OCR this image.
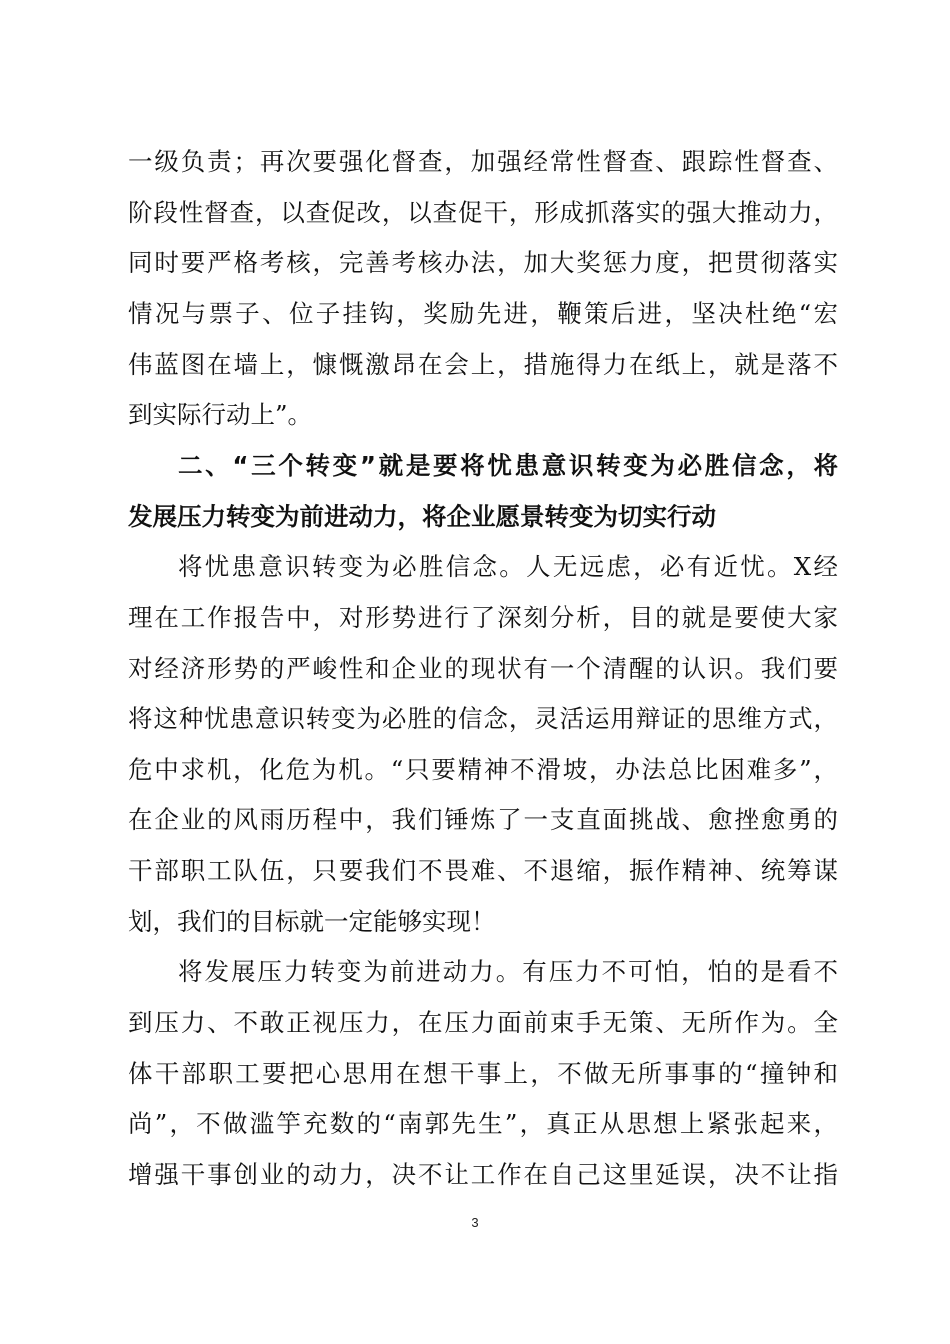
一级负责；再次要强化督查，加强经常性督查、跟踪性督查、
阶段性督查，以查促改，以查促干，形成抓落实的强大推动力，
同时要严格考核，完善考核办法，加大奖惩力度，把贯彻落实
情况与票子、位子挂钩，奖励先进，鞭策后进，坚决杜绝“宏
伟蓝图在墙上，慷慨激昂在会上，措施得力在纸上，就是落不
到实际行动上”。
二、“三个转变”就是要将忧患意识转变为必胜信念，将
发展压力转变为前进动力，将企业愿景转变为切实行动
将忧患意识转变为必胜信念。人无远虑，必有近忧。X经
理在工作报告中，对形势进行了深刻分析，目的就是要使大家
对经济形势的严峻性和企业的现状有一个清醒的认识。我们要
将这种忧患意识转变为必胜的信念，灵活运用辩证的思维方式，
危中求机，化危为机。“只要精神不滑坡，办法总比困难多”，
在企业的风雨历程中，我们锤炼了一支直面挑战、愈挫愈勇的
干部职工队伍，只要我们不畏难、不退缩，振作精神、统筹谋
划，我们的目标就一定能够实现！
将发展压力转变为前进动力。有压力不可怕，怕的是看不
到压力、不敢正视压力，在压力面前束手无策、无所作为。全
体干部职工要把心思用在想干事上，不做无所事事的“撞钟和
尚”，不做滥竽充数的“南郭先生”，真正从思想上紧张起来，
增强干事创业的动力，决不让工作在自己这里延误，决不让指
3
